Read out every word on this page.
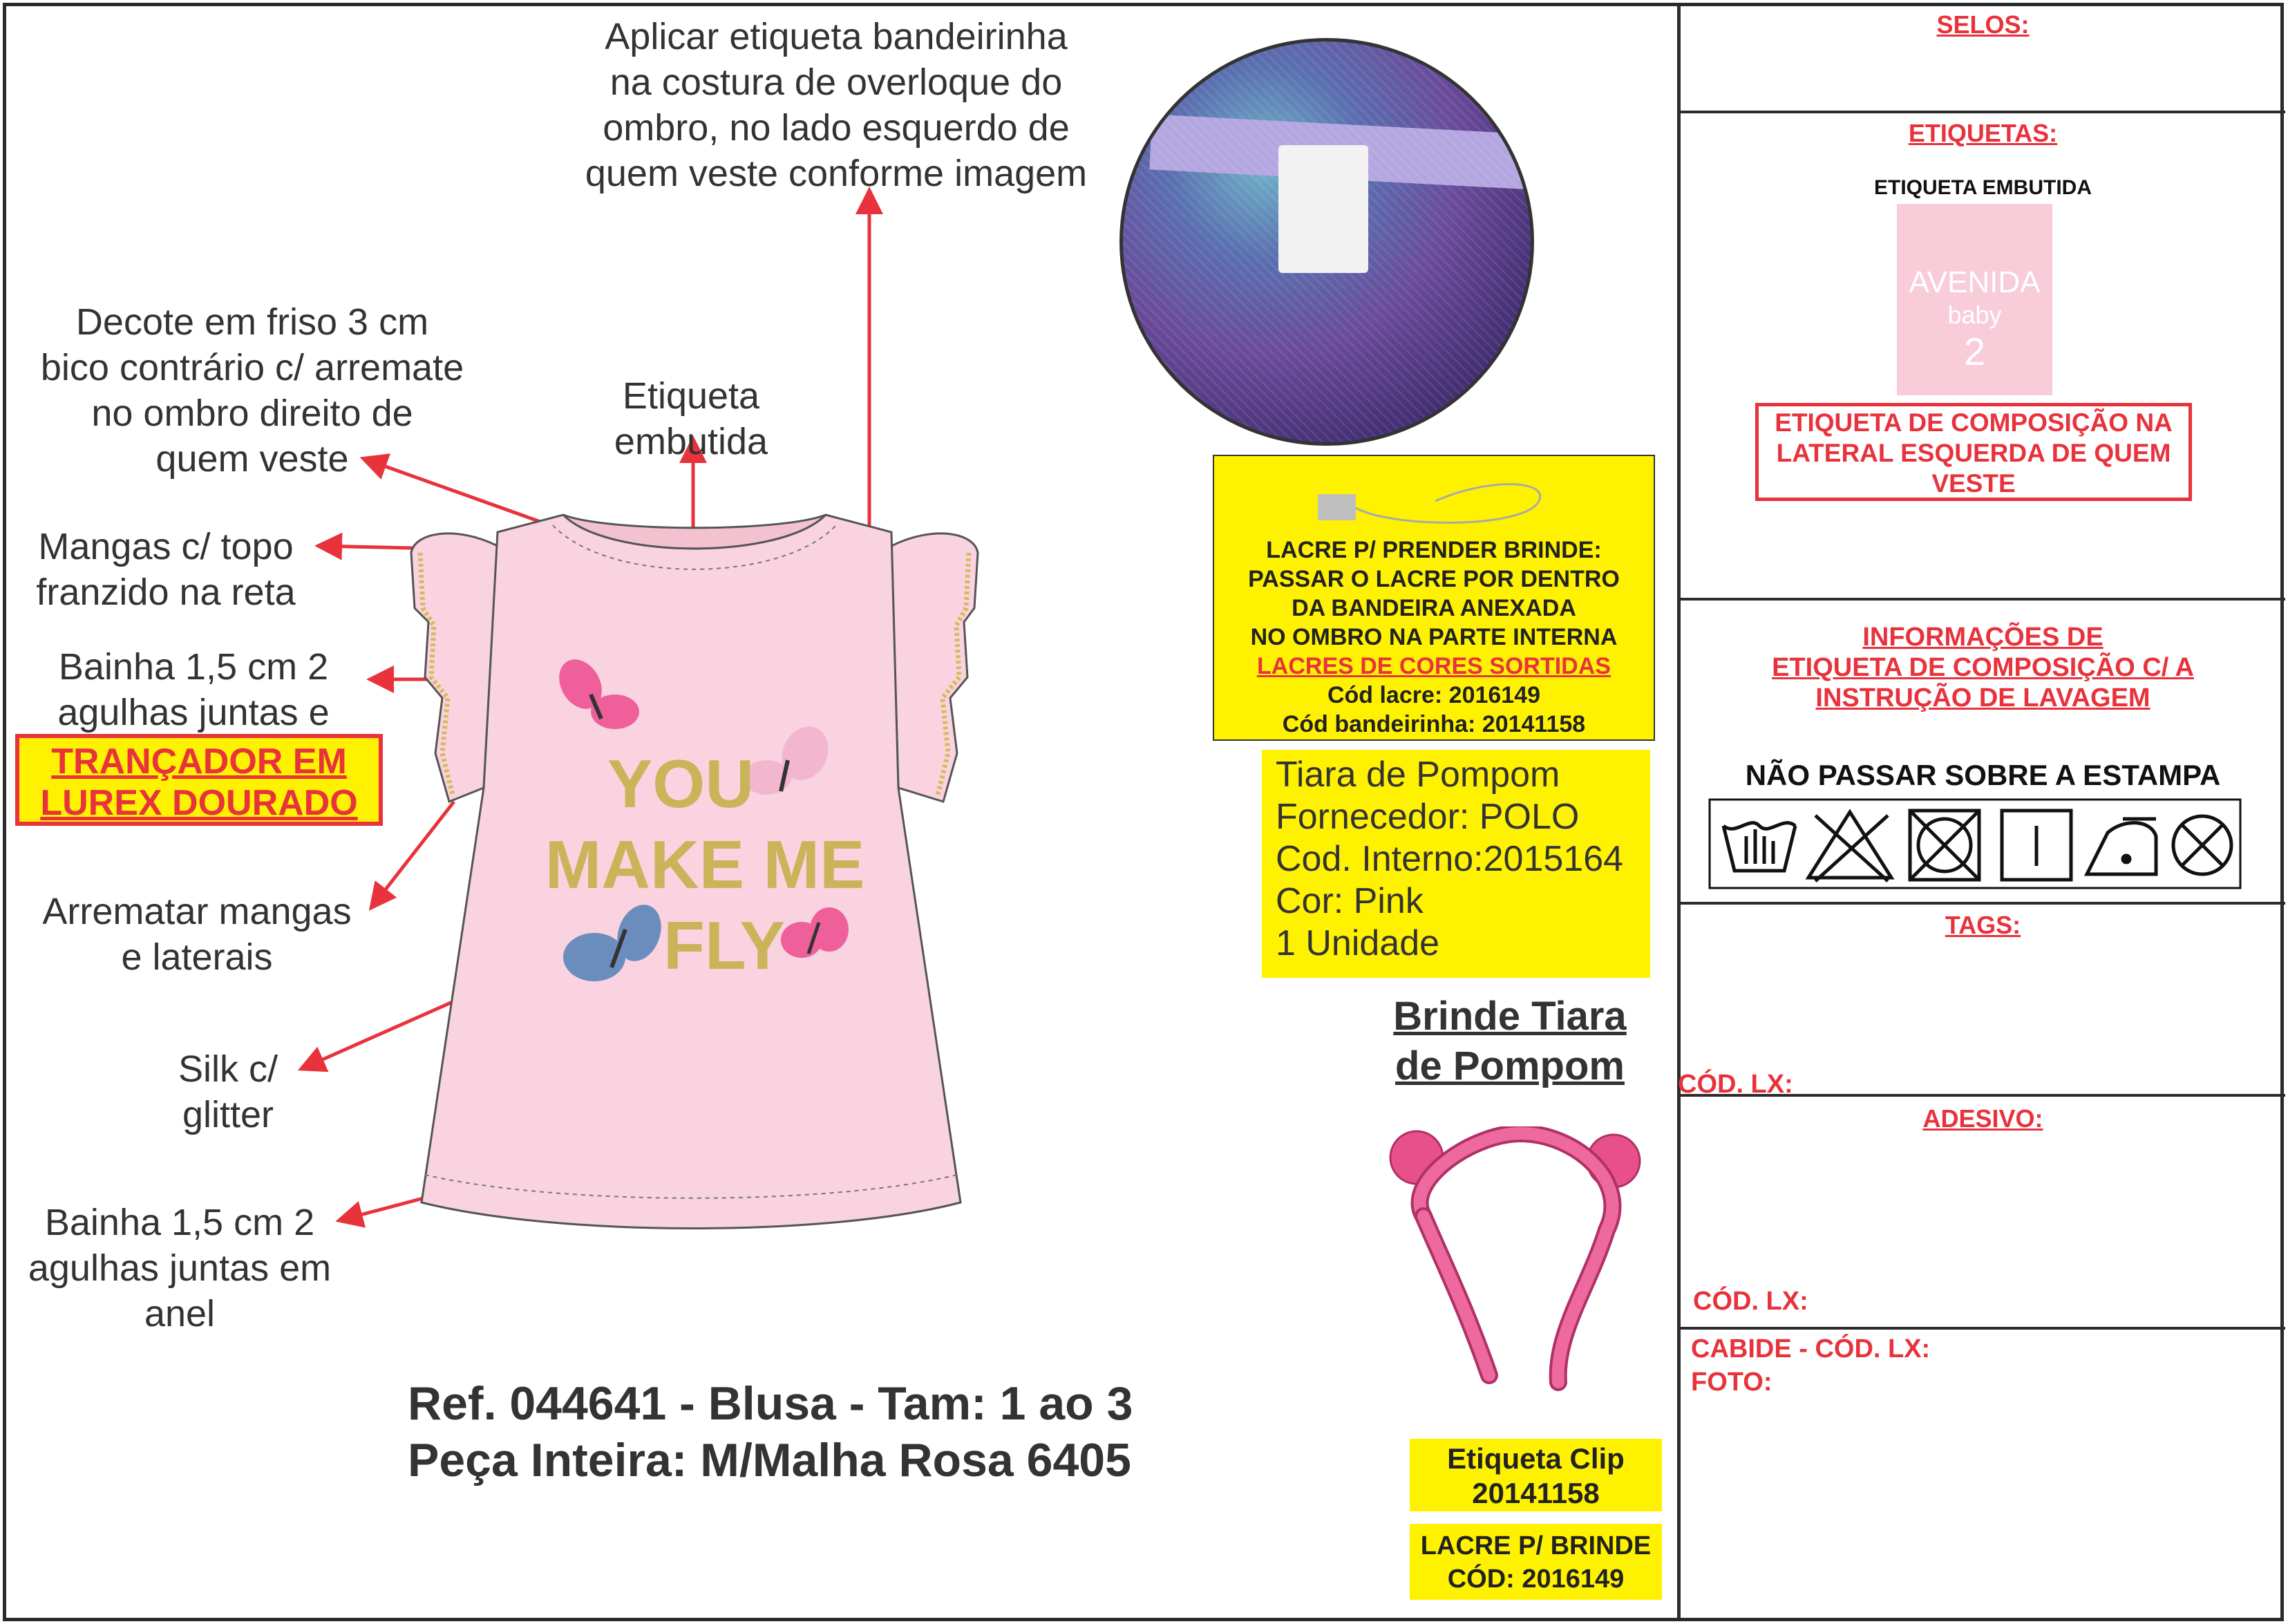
Aplicar etiqueta bandeirinha
na costura de overloque do
ombro, no lado esquerdo de
quem veste conforme imagem
Decote em friso 3 cm
bico contrário c/ arremate
no ombro direito de
quem veste
Etiqueta
embutida
Mangas c/ topo
franzido na reta
Bainha 1,5 cm 2
agulhas juntas e
TRANÇADOR EM
LUREX DOURADO
Arrematar mangas
e laterais
Silk c/
glitter
Bainha 1,5 cm 2
agulhas juntas em
anel
YOU
MAKE ME
FLY
Ref. 044641 - Blusa - Tam: 1 ao 3
Peça Inteira: M/Malha Rosa 6405
LACRE P/ PRENDER BRINDE:
PASSAR O LACRE POR DENTRO
DA BANDEIRA ANEXADA
NO OMBRO NA PARTE INTERNA
LACRES DE CORES SORTIDAS
Cód lacre: 2016149
Cód bandeirinha: 20141158
Tiara de Pompom
Fornecedor: POLO
Cod. Interno:2015164
Cor: Pink
1 Unidade
Brinde Tiara
de Pompom
Etiqueta Clip
20141158
LACRE P/ BRINDE
CÓD: 2016149
SELOS:
ETIQUETAS:
ETIQUETA EMBUTIDA
AVENIDA
baby
2
ETIQUETA DE COMPOSIÇÃO NA
LATERAL ESQUERDA DE QUEM
VESTE
INFORMAÇÕES DE
ETIQUETA DE COMPOSIÇÃO C/ A
INSTRUÇÃO DE LAVAGEM
NÃO PASSAR SOBRE A ESTAMPA
TAGS:
CÓD. LX:
ADESIVO:
CÓD. LX:
CABIDE - CÓD. LX:
FOTO:
